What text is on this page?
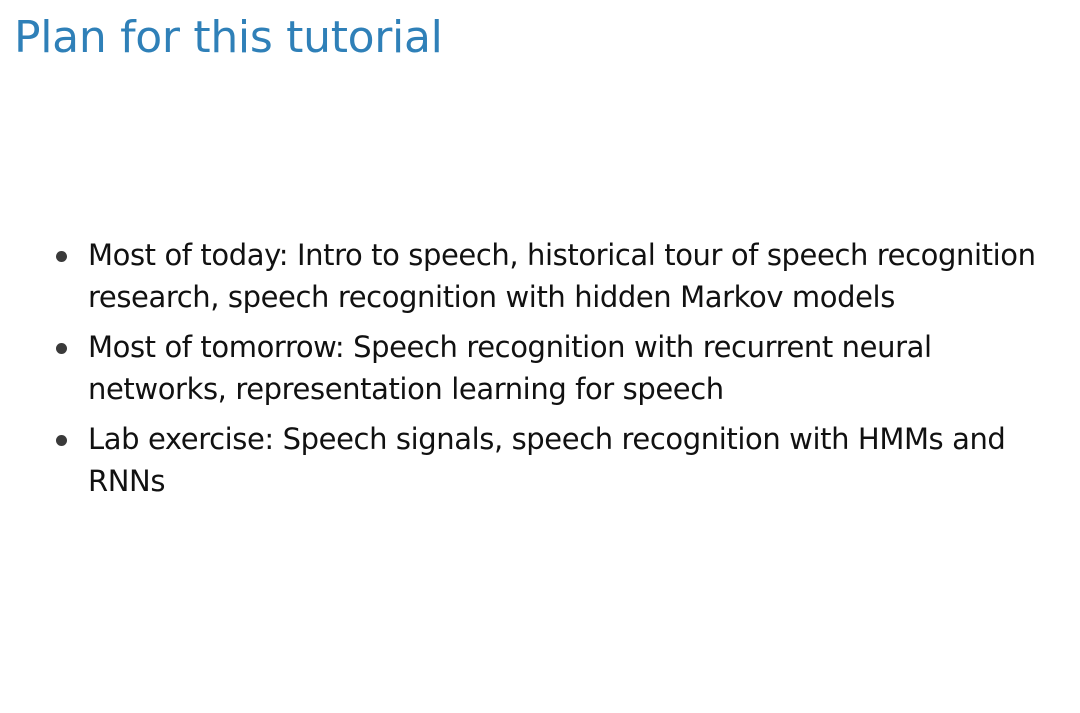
Plan for this tutorial
Most of today: Intro to speech, historical tour of speech recognition
research, speech recognition with hidden Markov models
Most of tomorrow: Speech recognition with recurrent neural
networks, representation learning for speech
Lab exercise: Speech signals, speech recognition with HMMs and
RNNs
